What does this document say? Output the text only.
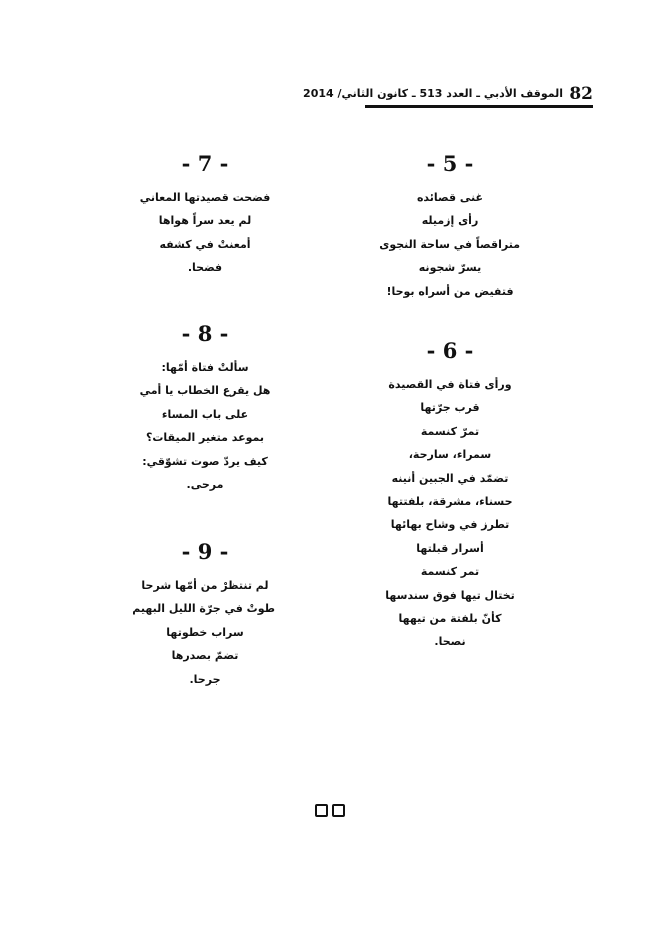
82
الموقف الأدبي ـ العدد 513 ـ كانون الثاني/ 2014
- 5 -
غنى قصائده
رأى إزميله
متراقصاً في ساحة النجوى
يسرّ شجونه
فتفيض من أسراه بوحا!
- 6 -
ورأى فتاة في القصيدة
قرب جرّتها
تمرّ كنسمة
سمراء، سارحة،
تضمّد في الجبين أنينه
حسناء، مشرقة، بلفتتها
تطرز في وشاح بهائها
أسرار قبلتها
تمر كنسمة
تختال تيها فوق سندسها
كأنّ بلفتة من تيهها
نصحا.
- 7 -
فضحت قصيدتها المعاني
لم يعد سراً هواها
أمعنتْ في كشفه
فضحا.
- 8 -
سألتْ فتاة أمّها:
هل يقرع الخطاب يا أمي
على باب المساء
بموعد متغير الميقات؟
كيف يردّ صوت تشوّقي:
مرحى.
- 9 -
لم تنتظرْ من أمّها شرحا
طوتْ في جرّة الليل البهيم
سراب خطوتها
تضمّ بصدرها
جرحا.
